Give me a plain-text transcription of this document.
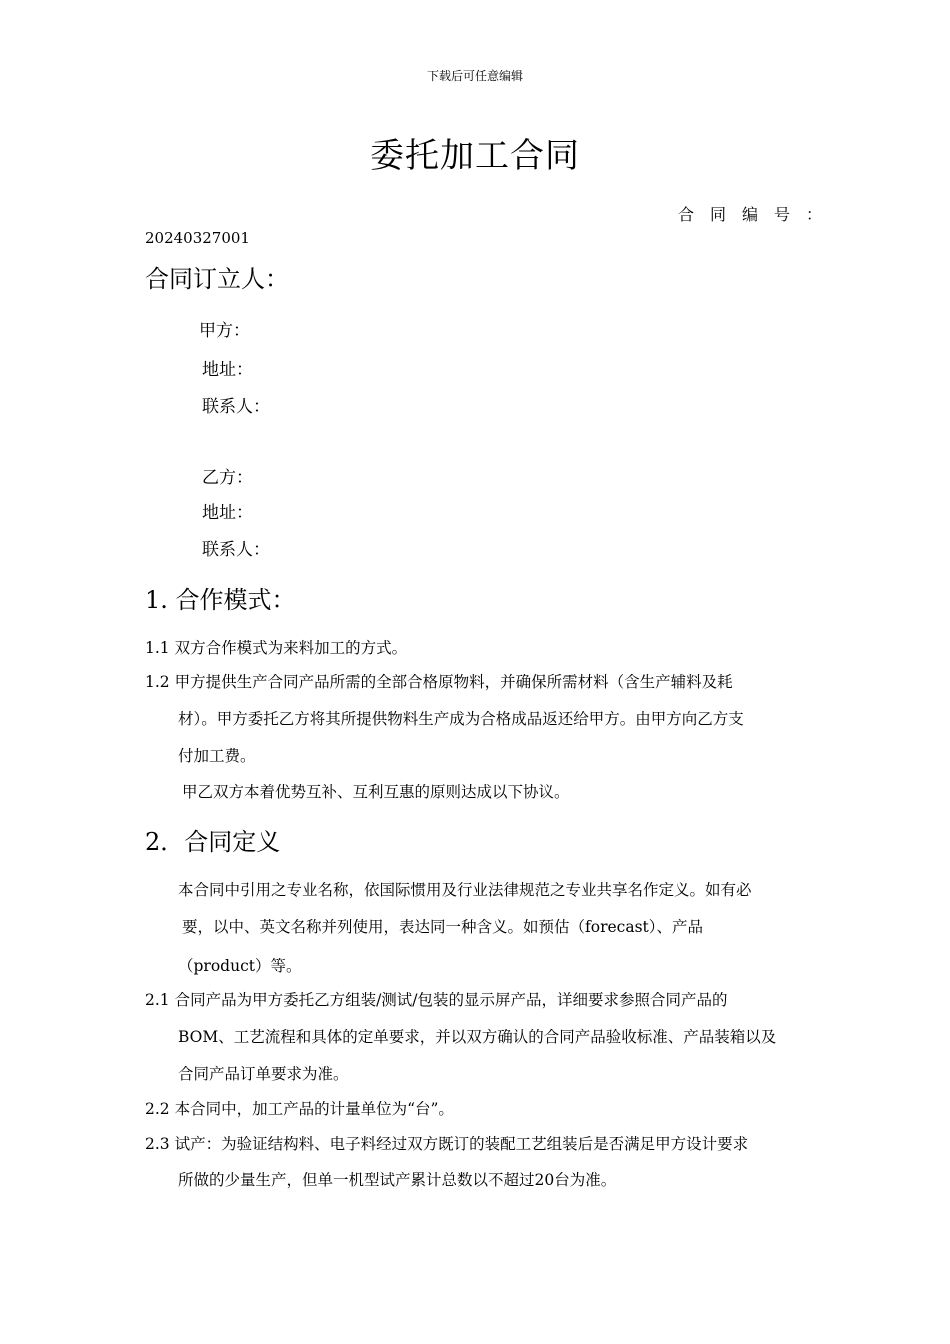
下载后可任意编辑
委托加工合同
合同编号：
20240327001
合同订立人：
甲方：
地址：
联系人：
乙方：
地址：
联系人：
1. 合作模式：
1.1 双方合作模式为来料加工的方式。
1.2 甲方提供生产合同产品所需的全部合格原物料，并确保所需材料（含生产辅料及耗
材）。甲方委托乙方将其所提供物料生产成为合格成品返还给甲方。由甲方向乙方支
付加工费。
甲乙双方本着优势互补、互利互惠的原则达成以下协议。
2．合同定义
本合同中引用之专业名称，依国际惯用及行业法律规范之专业共享名作定义。如有必
要，以中、英文名称并列使用，表达同一种含义。如预估（forecast）、产品
（product）等。
2.1 合同产品为甲方委托乙方组装/测试/包装的显示屏产品，详细要求参照合同产品的
BOM、工艺流程和具体的定单要求，并以双方确认的合同产品验收标准、产品装箱以及
合同产品订单要求为准。
2.2 本合同中，加工产品的计量单位为“台”。
2.3 试产：为验证结构料、电子料经过双方既订的装配工艺组装后是否满足甲方设计要求
所做的少量生产，但单一机型试产累计总数以不超过20台为准。
